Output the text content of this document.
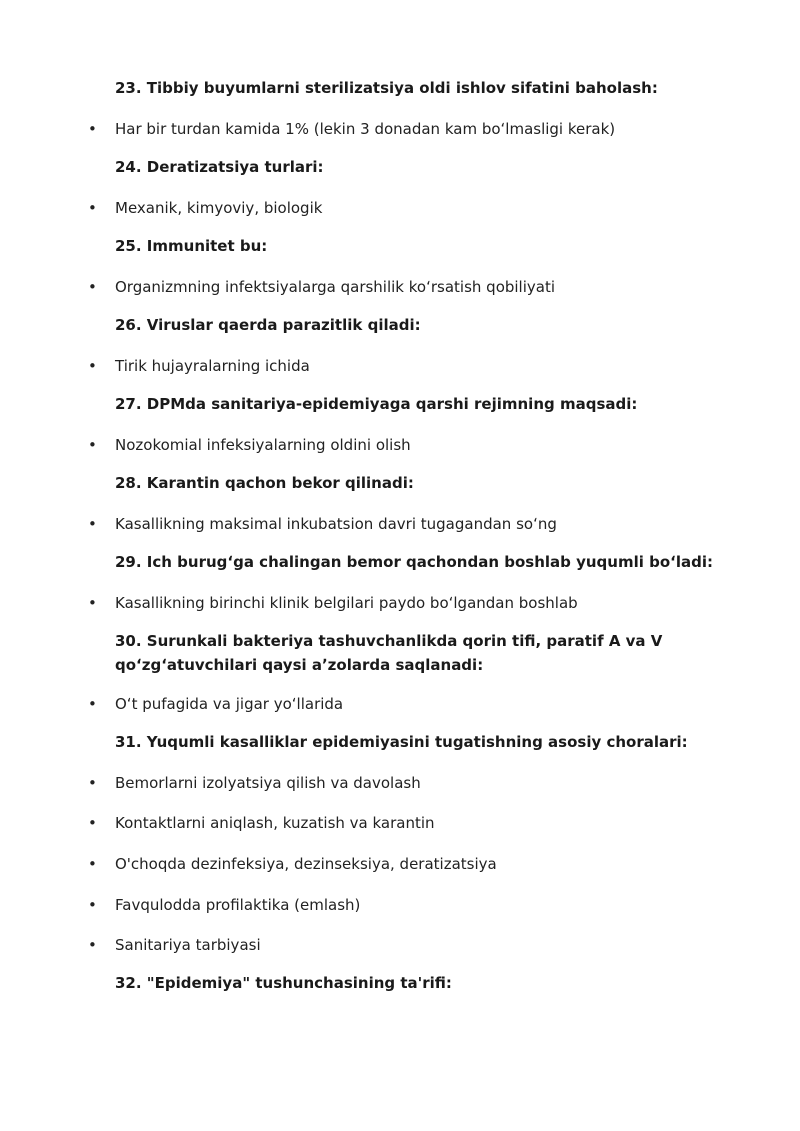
23. Tibbiy buyumlarni sterilizatsiya oldi ishlov sifatini baholash:
• Har bir turdan kamida 1% (lekin 3 donadan kam boʻlmasligi kerak)
24. Deratizatsiya turlari:
• Mexanik, kimyoviy, biologik
25. Immunitet bu:
• Organizmning infektsiyalarga qarshilik koʻrsatish qobiliyati
26. Viruslar qaerda parazitlik qiladi:
• Tirik hujayralarning ichida
27. DPMda sanitariya-epidemiyaga qarshi rejimning maqsadi:
• Nozokomial infeksiyalarning oldini olish
28. Karantin qachon bekor qilinadi:
• Kasallikning maksimal inkubatsion davri tugagandan soʻng
29. Ich burugʻga chalingan bemor qachondan boshlab yuqumli boʻladi:
• Kasallikning birinchi klinik belgilari paydo boʻlgandan boshlab
30. Surunkali bakteriya tashuvchanlikda qorin tifi, paratif A va V qoʻzgʻatuvchilari qaysi aʼzolarda saqlanadi:
• Oʻt pufagida va jigar yoʻllarida
31. Yuqumli kasalliklar epidemiyasini tugatishning asosiy choralari:
• Bemorlarni izolyatsiya qilish va davolash
• Kontaktlarni aniqlash, kuzatish va karantin
• O'choqda dezinfeksiya, dezinseksiya, deratizatsiya
• Favqulodda profilaktika (emlash)
• Sanitariya tarbiyasi
32. "Epidemiya" tushunchasining ta'rifi:
